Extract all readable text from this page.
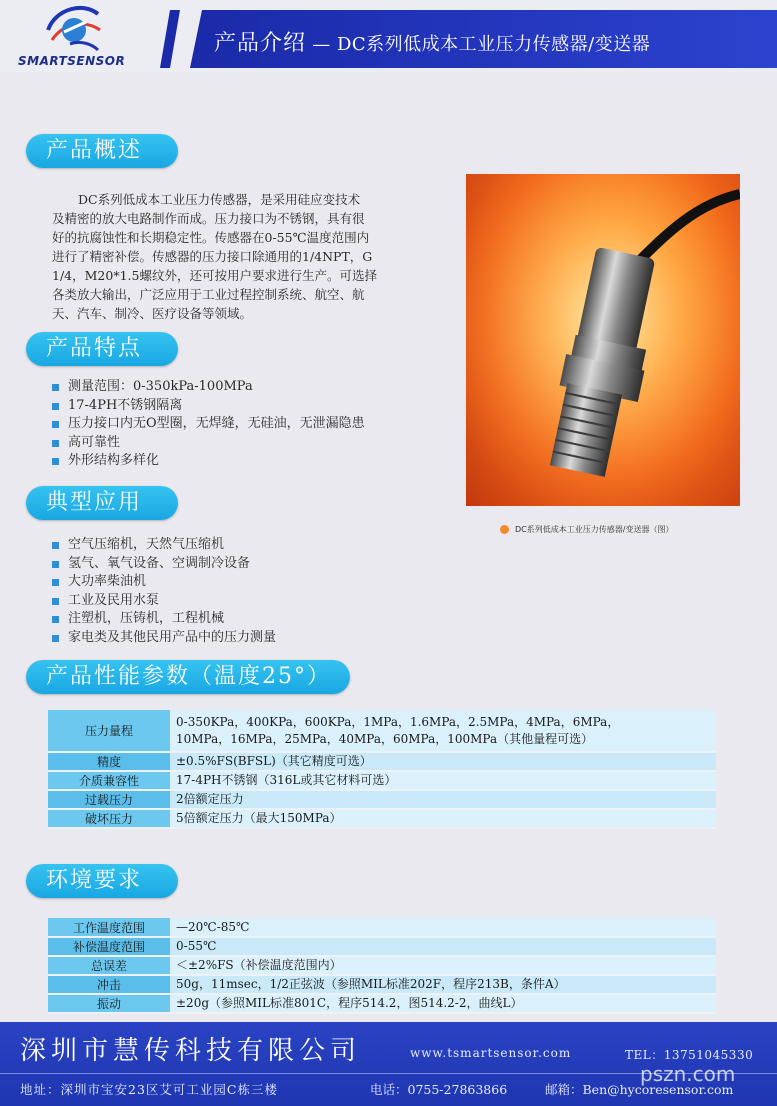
SMARTSENSOR
产品介绍 — DC系列低成本工业压力传感器/变送器
产品概述
DC系列低成本工业压力传感器，是采用硅应变技术
及精密的放大电路制作而成。压力接口为不锈钢，具有很
好的抗腐蚀性和长期稳定性。传感器在0-55℃温度范围内
进行了精密补偿。传感器的压力接口除通用的1/4NPT，G
1/4，M20*1.5螺纹外，还可按用户要求进行生产。可选择
各类放大输出，广泛应用于工业过程控制系统、航空、航
天、汽车、制冷、医疗设备等领域。
DC系列低成本工业压力传感器/变送器（图）
产品特点
测量范围：0-350kPa-100MPa
17-4PH不锈钢隔离
压力接口内无O型圈，无焊缝，无硅油，无泄漏隐患
高可靠性
外形结构多样化
典型应用
空气压缩机，天然气压缩机
氢气、氧气设备、空调制冷设备
大功率柴油机
工业及民用水泵
注塑机，压铸机，工程机械
家电类及其他民用产品中的压力测量
产品性能参数（温度25°）
压力量程	0-350KPa，400KPa，600KPa，1MPa，1.6MPa，2.5MPa，4MPa，6MPa，
10MPa，16MPa，25MPa，40MPa，60MPa，100MPa（其他量程可选）

精度	±0.5%FS(BFSL)（其它精度可选）
介质兼容性	17-4PH不锈钢（316L或其它材料可选）
过载压力	2倍额定压力
破坏压力	5倍额定压力（最大150MPa）
环境要求
工作温度范围	—20℃-85℃
补偿温度范围	0-55℃
总误差	＜±2%FS（补偿温度范围内）
冲击	50g，11msec，1/2正弦波（参照MIL标准202F，程序213B，条件A）
振动	±20g（参照MIL标准801C，程序514.2，图514.2-2，曲线L）
深圳市慧传科技有限公司	www.tsmartsensor.com	TEL：13751045330
地址：深圳市宝安23区艾可工业园C栋三楼	电话：0755-27863866	邮箱：Ben@hycoresensor.com
pszn.com
